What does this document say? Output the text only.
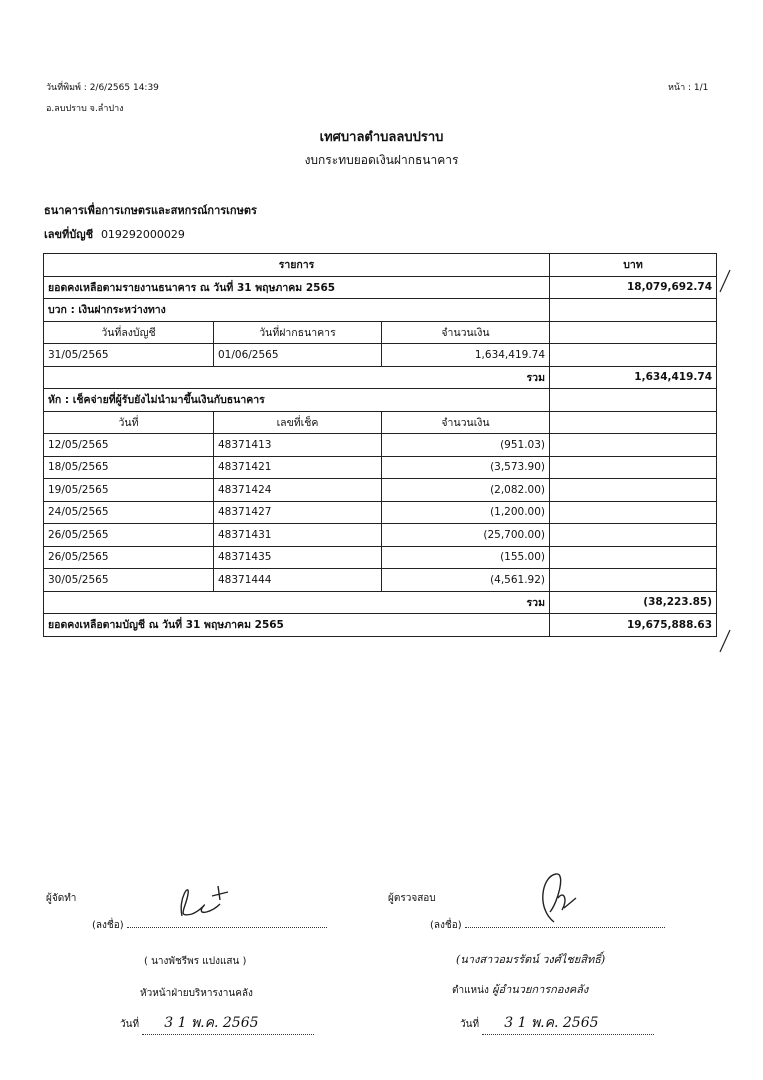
วันที่พิมพ์ : 2/6/2565 14:39
อ.ลบปราบ จ.ลำปาง
หน้า : 1/1
เทศบาลตำบลลบปราบ
งบกระทบยอดเงินฝากธนาคาร
ธนาคารเพื่อการเกษตรและสหกรณ์การเกษตร
เลขที่บัญชี 019292000029
รายการ			บาท
ยอดคงเหลือตามรายงานธนาคาร ณ วันที่ 31 พฤษภาคม 2565			18,079,692.74
บวก : เงินฝากระหว่างทาง			
วันที่ลงบัญชี	วันที่ฝากธนาคาร	จำนวนเงิน	
31/05/2565	01/06/2565	1,634,419.74	
รวม			1,634,419.74
หัก : เช็คจ่ายที่ผู้รับยังไม่นำมาขึ้นเงินกับธนาคาร			
วันที่	เลขที่เช็ค	จำนวนเงิน	
12/05/2565	48371413	(951.03)	
18/05/2565	48371421	(3,573.90)	
19/05/2565	48371424	(2,082.00)	
24/05/2565	48371427	(1,200.00)	
26/05/2565	48371431	(25,700.00)	
26/05/2565	48371435	(155.00)	
30/05/2565	48371444	(4,561.92)	
รวม			(38,223.85)
ยอดคงเหลือตามบัญชี ณ วันที่ 31 พฤษภาคม 2565			19,675,888.63
ผู้จัดทำ
(ลงชื่อ)
( นางพัชรีพร แปงแสน )
หัวหน้าฝ่ายบริหารงานคลัง
วันที่ 3 1 พ.ค. 2565
ผู้ตรวจสอบ
(ลงชื่อ)
(นางสาวอมรรัตน์ วงศ์ไชยสิทธิ์)
ตำแหน่ง ผู้อำนวยการกองคลัง
วันที่ 3 1 พ.ค. 2565
